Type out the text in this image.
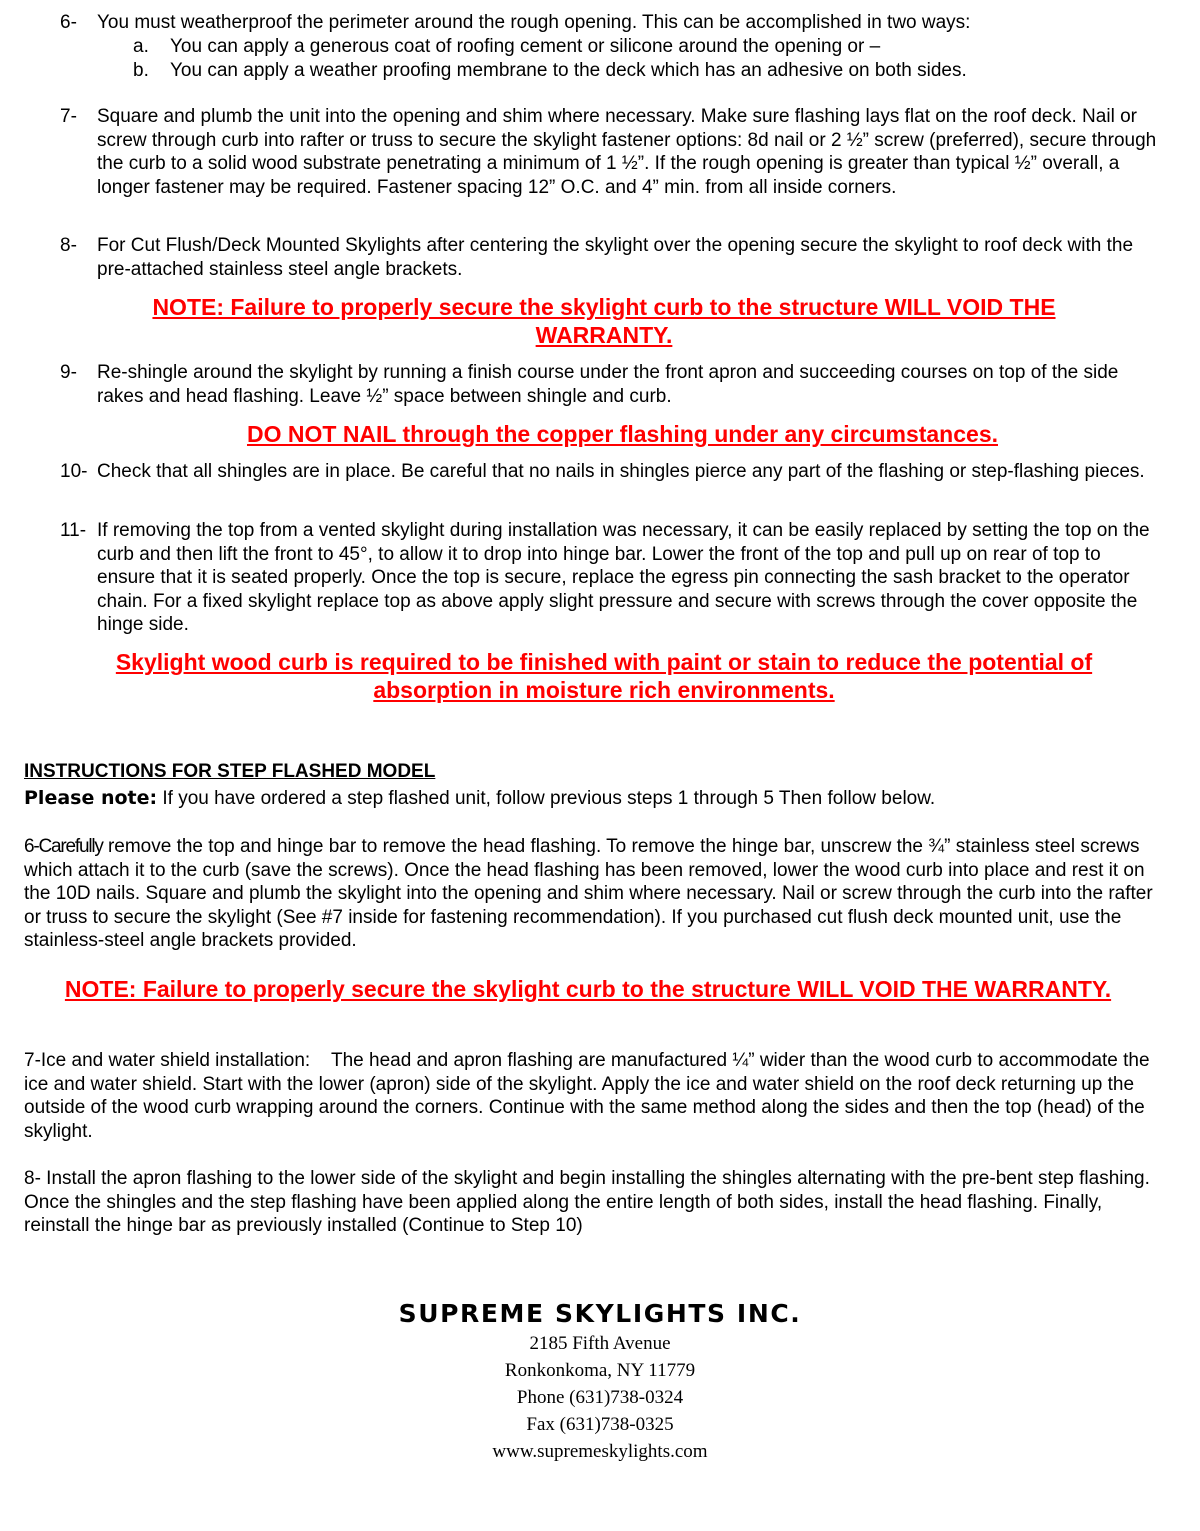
6- You must weatherproof the perimeter around the rough opening. This can be accomplished in two ways:
a. You can apply a generous coat of roofing cement or silicone around the opening or –
b. You can apply a weather proofing membrane to the deck which has an adhesive on both sides.
7- Square and plumb the unit into the opening and shim where necessary. Make sure flashing lays flat on the roof deck. Nail or screw through curb into rafter or truss to secure the skylight fastener options: 8d nail or 2 ½” screw (preferred), secure through the curb to a solid wood substrate penetrating a minimum of 1 ½”. If the rough opening is greater than typical ½” overall, a longer fastener may be required. Fastener spacing 12” O.C. and 4” min. from all inside corners.
8- For Cut Flush/Deck Mounted Skylights after centering the skylight over the opening secure the skylight to roof deck with the pre-attached stainless steel angle brackets.
NOTE: Failure to properly secure the skylight curb to the structure WILL VOID THE WARRANTY.
9- Re-shingle around the skylight by running a finish course under the front apron and succeeding courses on top of the side rakes and head flashing. Leave ½” space between shingle and curb.
DO NOT NAIL through the copper flashing under any circumstances.
10- Check that all shingles are in place. Be careful that no nails in shingles pierce any part of the flashing or step-flashing pieces.
11- If removing the top from a vented skylight during installation was necessary, it can be easily replaced by setting the top on the curb and then lift the front to 45°, to allow it to drop into hinge bar. Lower the front of the top and pull up on rear of top to ensure that it is seated properly. Once the top is secure, replace the egress pin connecting the sash bracket to the operator chain. For a fixed skylight replace top as above apply slight pressure and secure with screws through the cover opposite the hinge side.
Skylight wood curb is required to be finished with paint or stain to reduce the potential of absorption in moisture rich environments.
INSTRUCTIONS FOR STEP FLASHED MODEL
Please note: If you have ordered a step flashed unit, follow previous steps 1 through 5 Then follow below.
6-Carefully remove the top and hinge bar to remove the head flashing. To remove the hinge bar, unscrew the ¾” stainless steel screws which attach it to the curb (save the screws). Once the head flashing has been removed, lower the wood curb into place and rest it on the 10D nails. Square and plumb the skylight into the opening and shim where necessary. Nail or screw through the curb into the rafter or truss to secure the skylight (See #7 inside for fastening recommendation). If you purchased cut flush deck mounted unit, use the stainless-steel angle brackets provided.
NOTE: Failure to properly secure the skylight curb to the structure WILL VOID THE WARRANTY.
7-Ice and water shield installation:    The head and apron flashing are manufactured ¼” wider than the wood curb to accommodate the ice and water shield. Start with the lower (apron) side of the skylight. Apply the ice and water shield on the roof deck returning up the outside of the wood curb wrapping around the corners. Continue with the same method along the sides and then the top (head) of the skylight.
8- Install the apron flashing to the lower side of the skylight and begin installing the shingles alternating with the pre-bent step flashing. Once the shingles and the step flashing have been applied along the entire length of both sides, install the head flashing. Finally, reinstall the hinge bar as previously installed (Continue to Step 10)
SUPREME SKYLIGHTS INC.
2185 Fifth Avenue
Ronkonkoma, NY 11779
Phone (631)738-0324
Fax (631)738-0325
www.supremeskylights.com
